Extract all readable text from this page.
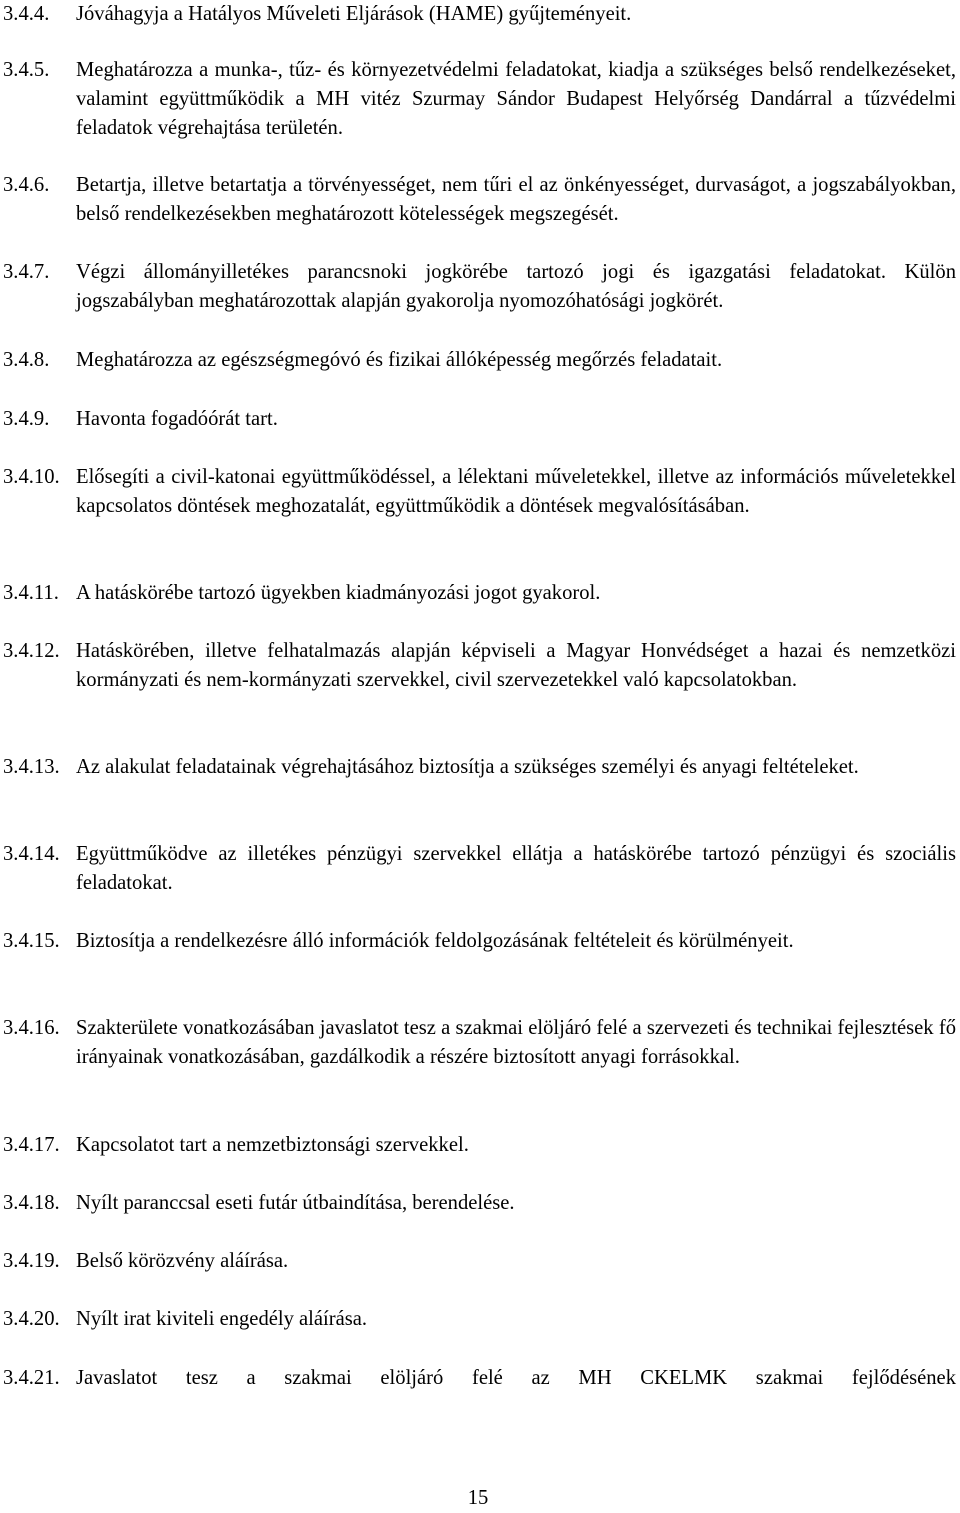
3.4.4. Jóváhagyja a Hatályos Műveleti Eljárások (HAME) gyűjteményeit.
3.4.5. Meghatározza a munka-, tűz- és környezetvédelmi feladatokat, kiadja a szükséges belső rendelkezéseket, valamint együttműködik a MH vitéz Szurmay Sándor Budapest Helyőrség Dandárral a tűzvédelmi feladatok végrehajtása területén.
3.4.6. Betartja, illetve betartatja a törvényességet, nem tűri el az önkényességet, durvaságot, a jogszabályokban, belső rendelkezésekben meghatározott kötelességek megszegését.
3.4.7. Végzi állományilletékes parancsnoki jogkörébe tartozó jogi és igazgatási feladatokat. Külön jogszabályban meghatározottak alapján gyakorolja nyomozóhatósági jogkörét.
3.4.8. Meghatározza az egészségmegóvó és fizikai állóképesség megőrzés feladatait.
3.4.9. Havonta fogadóórát tart.
3.4.10. Elősegíti a civil-katonai együttműködéssel, a lélektani műveletekkel, illetve az információs műveletekkel kapcsolatos döntések meghozatalát, együttműködik a döntések megvalósításában.
3.4.11. A hatáskörébe tartozó ügyekben kiadmányozási jogot gyakorol.
3.4.12. Hatáskörében, illetve felhatalmazás alapján képviseli a Magyar Honvédséget a hazai és nemzetközi kormányzati és nem-kormányzati szervekkel, civil szervezetekkel való kapcsolatokban.
3.4.13. Az alakulat feladatainak végrehajtásához biztosítja a szükséges személyi és anyagi feltételeket.
3.4.14. Együttműködve az illetékes pénzügyi szervekkel ellátja a hatáskörébe tartozó pénzügyi és szociális feladatokat.
3.4.15. Biztosítja a rendelkezésre álló információk feldolgozásának feltételeit és körülményeit.
3.4.16. Szakterülete vonatkozásában javaslatot tesz a szakmai elöljáró felé a szervezeti és technikai fejlesztések fő irányainak vonatkozásában, gazdálkodik a részére biztosított anyagi forrásokkal.
3.4.17. Kapcsolatot tart a nemzetbiztonsági szervekkel.
3.4.18. Nyílt paranccsal eseti futár útbaindítása, berendelése.
3.4.19. Belső körözvény aláírása.
3.4.20. Nyílt irat kiviteli engedély aláírása.
3.4.21. Javaslatot tesz a szakmai elöljáró felé az MH CKELMK szakmai fejlődésének
15
